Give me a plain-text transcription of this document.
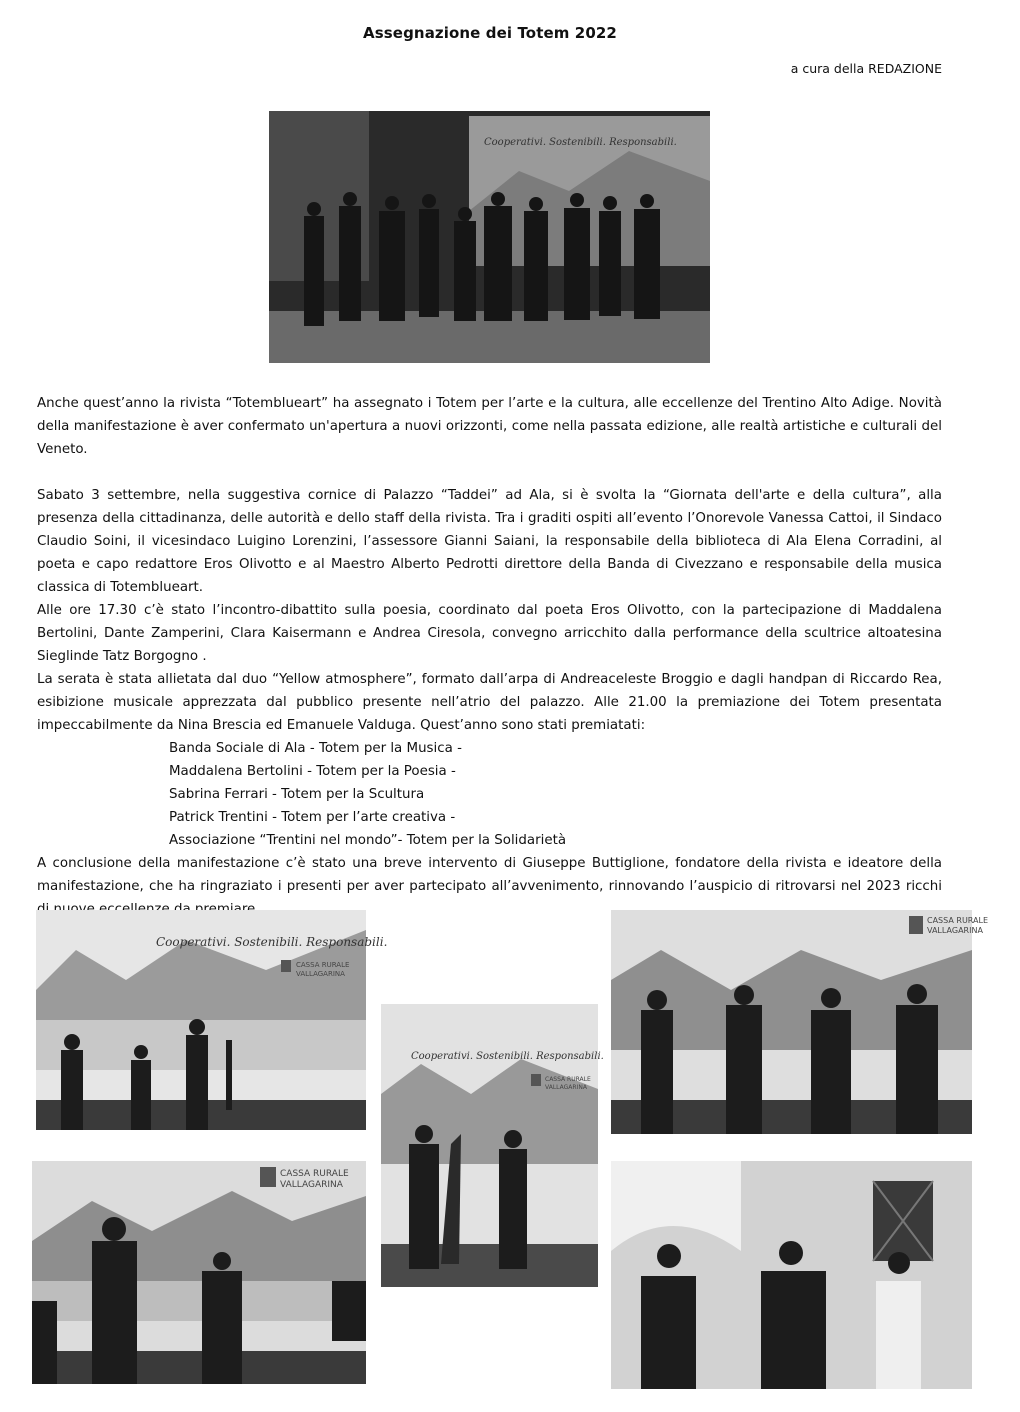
Assegnazione dei Totem 2022
a cura della REDAZIONE
Cooperativi. Sostenibili. Responsabili.

Anche quest’anno la rivista “Totemblueart” ha assegnato i Totem per l’arte e la cultura, alle eccellenze del Trentino Alto Adige. Novità della manifestazione è aver confermato un'apertura a nuovi orizzonti, come nella passata edizione, alle realtà artistiche e culturali del Veneto.

Sabato 3 settembre, nella suggestiva cornice di Palazzo “Taddei” ad Ala, si è svolta la “Giornata dell'arte e della cultura”, alla presenza della cittadinanza, delle autorità e dello staff della rivista. Tra i graditi ospiti all’evento l’Onorevole Vanessa Cattoi, il Sindaco Claudio Soini, il vicesindaco Luigino Lorenzini, l’assessore Gianni Saiani, la responsabile della biblioteca di Ala Elena Corradini, al poeta e capo redattore Eros Olivotto e al Maestro Alberto Pedrotti direttore della Banda di Civezzano e responsabile della musica classica di Totemblueart.

Alle ore 17.30 c’è stato l’incontro-dibattito sulla poesia, coordinato dal poeta Eros Olivotto, con la partecipazione di Maddalena Bertolini, Dante Zamperini, Clara Kaisermann e Andrea Ciresola, convegno arricchito dalla performance della scultrice altoatesina Sieglinde Tatz Borgogno .

La serata è stata allietata dal duo “Yellow atmosphere”, formato dall’arpa di Andreaceleste Broggio e dagli handpan di Riccardo Rea, esibizione musicale apprezzata dal pubblico presente nell’atrio del palazzo. Alle 21.00 la premiazione dei Totem presentata impeccabilmente da Nina Brescia ed Emanuele Valduga. Quest’anno sono stati premiatati:

Banda Sociale di Ala - Totem per la Musica -
Maddalena Bertolini - Totem per la Poesia -
Sabrina Ferrari - Totem per la Scultura
Patrick Trentini - Totem per l’arte creativa -
Associazione “Trentini nel mondo”- Totem per la Solidarietà

A conclusione della manifestazione c’è stato una breve intervento di Giuseppe Buttiglione, fondatore della rivista e ideatore della manifestazione, che ha ringraziato i presenti per aver partecipato all’avvenimento, rinnovando l’auspicio di ritrovarsi nel 2023 ricchi

Cooperativi. Sostenibili. Responsabili.
CASSA RURALE
VALLAGARINA
CASSA RURALE
VALLAGARINA
Cooperativi. Sostenibili. Responsabili.
CASSA RURALE
VALLAGARINA
CASSA RURALE
VALLAGARINA
